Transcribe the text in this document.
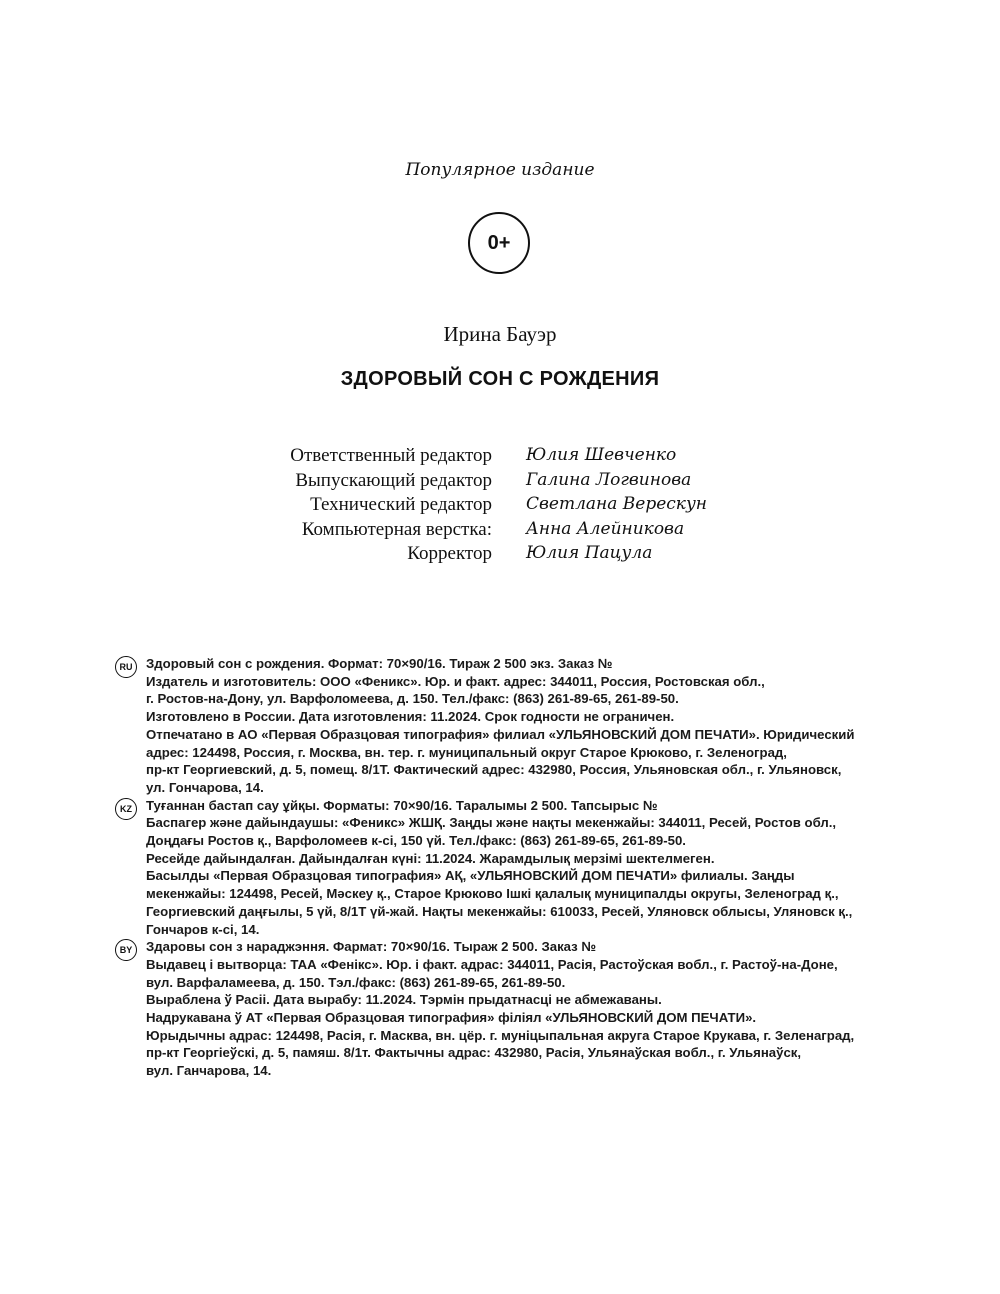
Популярное издание
0+
Ирина Бауэр
ЗДОРОВЫЙ СОН С РОЖДЕНИЯ
Ответственный редактор Юлия Шевченко
Выпускающий редактор Галина Логвинова
Технический редактор Светлана Верескун
Компьютерная верстка: Анна Алейникова
Корректор Юлия Пацула
RU	Здоровый сон с рождения. Формат: 70×90/16. Тираж 2 500 экз. Заказ №
Издатель и изготовитель: ООО «Феникс». Юр. и факт. адрес: 344011, Россия, Ростовская обл.,
г. Ростов-на-Дону, ул. Варфоломеева, д. 150. Тел./факс: (863) 261-89-65, 261-89-50.
Изготовлено в России. Дата изготовления: 11.2024. Срок годности не ограничен.
Отпечатано в АО «Первая Образцовая типография» филиал «УЛЬЯНОВСКИЙ ДОМ ПЕЧАТИ». Юридический
адрес: 124498, Россия, г. Москва, вн. тер. г. муниципальный округ Старое Крюково, г. Зеленоград,
пр-кт Георгиевский, д. 5, помещ. 8/1Т. Фактический адрес: 432980, Россия, Ульяновская обл., г. Ульяновск,
ул. Гончарова, 14.
KZ	Туғаннан бастап сау ұйқы. Форматы: 70×90/16. Таралымы 2 500. Тапсырыс №
Баспагер және дайындаушы: «Феникс» ЖШҚ. Заңды және нақты мекенжайы: 344011, Ресей, Ростов обл.,
Доңдағы Ростов қ., Варфоломеев к-сі, 150 үй. Тел./факс: (863) 261-89-65, 261-89-50.
Ресейде дайындалған. Дайындалған күні: 11.2024. Жарамдылық мерзімі шектелмеген.
Басылды «Первая Образцовая типография» АҚ, «УЛЬЯНОВСКИЙ ДОМ ПЕЧАТИ» филиалы. Заңды
мекенжайы: 124498, Ресей, Мәскеу қ., Старое Крюково Ішкі қалалық муниципалды округы, Зеленоград қ.,
Георгиевский даңғылы, 5 үй, 8/1Т үй-жай. Нақты мекенжайы: 610033, Ресей, Уляновск облысы, Уляновск қ.,
Гончаров к-сі, 14.
BY	Здаровы сон з нараджэння. Фармат: 70×90/16. Тыраж 2 500. Заказ №
Выдавец і вытворца: ТАА «Фенікс». Юр. і факт. адрас: 344011, Расія, Растоўская вобл., г. Растоў-на-Доне,
вул. Варфаламеева, д. 150. Тэл./факс: (863) 261-89-65, 261-89-50.
Выраблена ў Расіі. Дата вырабу: 11.2024. Тэрмін прыдатнасці не абмежаваны.
Надрукавана ў АТ «Первая Образцовая типография» філіял «УЛЬЯНОВСКИЙ ДОМ ПЕЧАТИ».
Юрыдычны адрас: 124498, Расія, г. Масква, вн. цёр. г. муніцыпальная акруга Старое Крукава, г. Зеленаград,
пр-кт Георгіеўскі, д. 5, памяш. 8/1т. Фактычны адрас: 432980, Расія, Ульянаўская вобл., г. Ульянаўск,
вул. Ганчарова, 14.
